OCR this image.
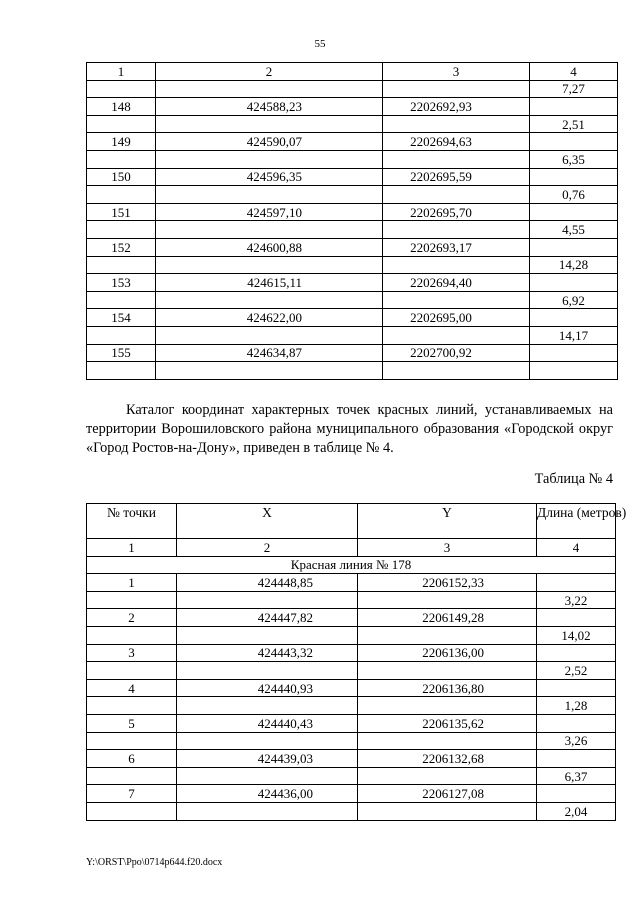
55
1	2	3	4
			7,27
148	424588,23	2202692,93	
			2,51
149	424590,07	2202694,63	
			6,35
150	424596,35	2202695,59	
			0,76
151	424597,10	2202695,70	
			4,55
152	424600,88	2202693,17	
			14,28
153	424615,11	2202694,40	
			6,92
154	424622,00	2202695,00	
			14,17
155	424634,87	2202700,92	

Каталог координат характерных точек красных линий, устанавливаемых на территории Ворошиловского района муниципального образования «Городской округ «Город Ростов-на-Дону», приведен в таблице № 4.
Таблица № 4
№ точки	X	Y	Длина (метров)
1	2	3	4
Красная линия № 178			
1	424448,85	2206152,33	
			3,22
2	424447,82	2206149,28	
			14,02
3	424443,32	2206136,00	
			2,52
4	424440,93	2206136,80	
			1,28
5	424440,43	2206135,62	
			3,26
6	424439,03	2206132,68	
			6,37
7	424436,00	2206127,08	
			2,04
Y:\ORST\Ppo\0714p644.f20.docx
